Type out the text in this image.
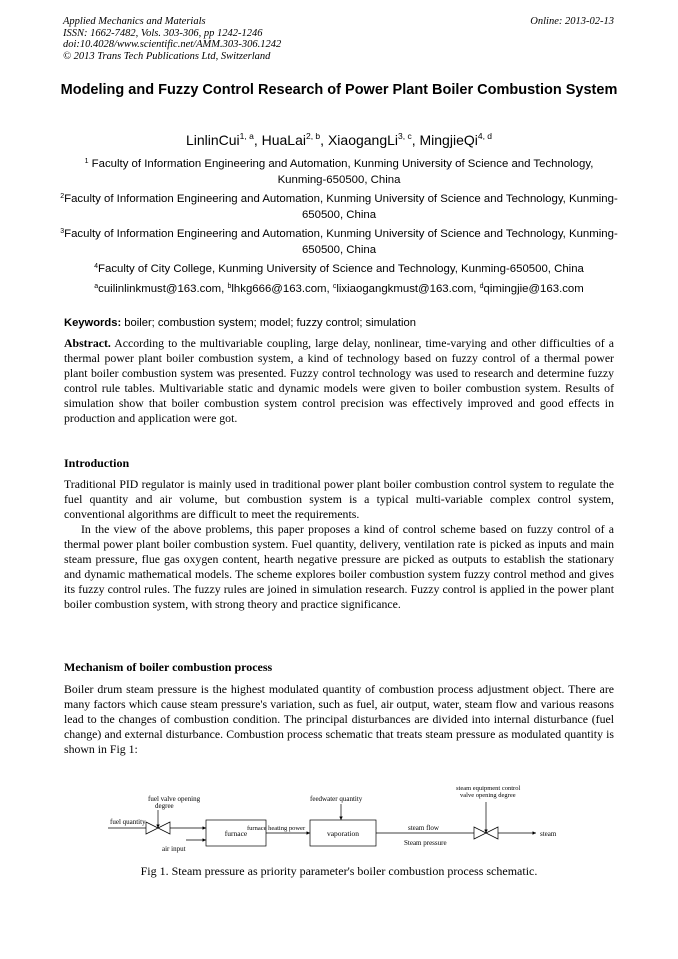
Applied Mechanics and Materials
ISSN: 1662-7482, Vols. 303-306, pp 1242-1246
doi:10.4028/www.scientific.net/AMM.303-306.1242
© 2013 Trans Tech Publications Ltd, Switzerland
Online: 2013-02-13
Modeling and Fuzzy Control Research of Power Plant Boiler Combustion System
LinlinCui$^{1, a}$, HuaLai$^{2, b}$, XiaogangLi$^{3, c}$, MingjieQi$^{4, d}$
$^1$ Faculty of Information Engineering and Automation, Kunming University of Science and Technology, Kunming-650500, China
$^2$Faculty of Information Engineering and Automation, Kunming University of Science and Technology, Kunming-650500, China
$^3$Faculty of Information Engineering and Automation, Kunming University of Science and Technology, Kunming-650500, China
$^4$Faculty of City College, Kunming University of Science and Technology, Kunming-650500, China
$^a$cuilinlinkmust@163.com, $^b$lhkg666@163.com, $^c$lixiaogangkmust@163.com, $^d$qimingjie@163.com
Keywords: boiler; combustion system; model; fuzzy control; simulation
Abstract. According to the multivariable coupling, large delay, nonlinear, time-varying and other difficulties of a thermal power plant boiler combustion system, a kind of technology based on fuzzy control of a thermal power plant boiler combustion system was presented. Fuzzy control technology was used to research and determine fuzzy control rule tables. Multivariable static and dynamic models were given to boiler combustion system. Results of simulation show that boiler combustion system control precision was effectively improved and good effects in production and application were got.
Introduction

Traditional PID regulator is mainly used in traditional power plant boiler combustion control system to regulate the fuel quantity and air volume, but combustion system is a typical multi-variable complex control system, conventional algorithms are difficult to meet the requirements.

In the view of the above problems, this paper proposes a kind of control scheme based on fuzzy control of a thermal power plant boiler combustion system. Fuel quantity, delivery, ventilation rate is picked as inputs and main steam pressure, flue gas oxygen content, hearth negative pressure are picked as outputs to establish the stationary and dynamic mathematical models. The scheme explores boiler combustion system fuzzy control method and gives its fuzzy control rules. The fuzzy rules are joined in simulation research. Fuzzy control is applied in the power plant boiler combustion system, with strong theory and practice significance.

Mechanism of boiler combustion process

Boiler drum steam pressure is the highest modulated quantity of combustion process adjustment object. There are many factors which cause steam pressure's variation, such as fuel, air output, water, steam flow and various reasons lead to the changes of combustion condition. The principal disturbances are divided into internal disturbance (fuel change) and external disturbance. Combustion process schematic that treats steam pressure as modulated quantity is shown in Fig 1:

fuel valve opening
degree
fuel quantity
air input
furnace
furnace heating power
feedwater quantity
vaporation
steam flow
Steam pressure
steam equipment control
valve opening degree
steam
Fig 1. Steam pressure as priority parameter's boiler combustion process schematic.
